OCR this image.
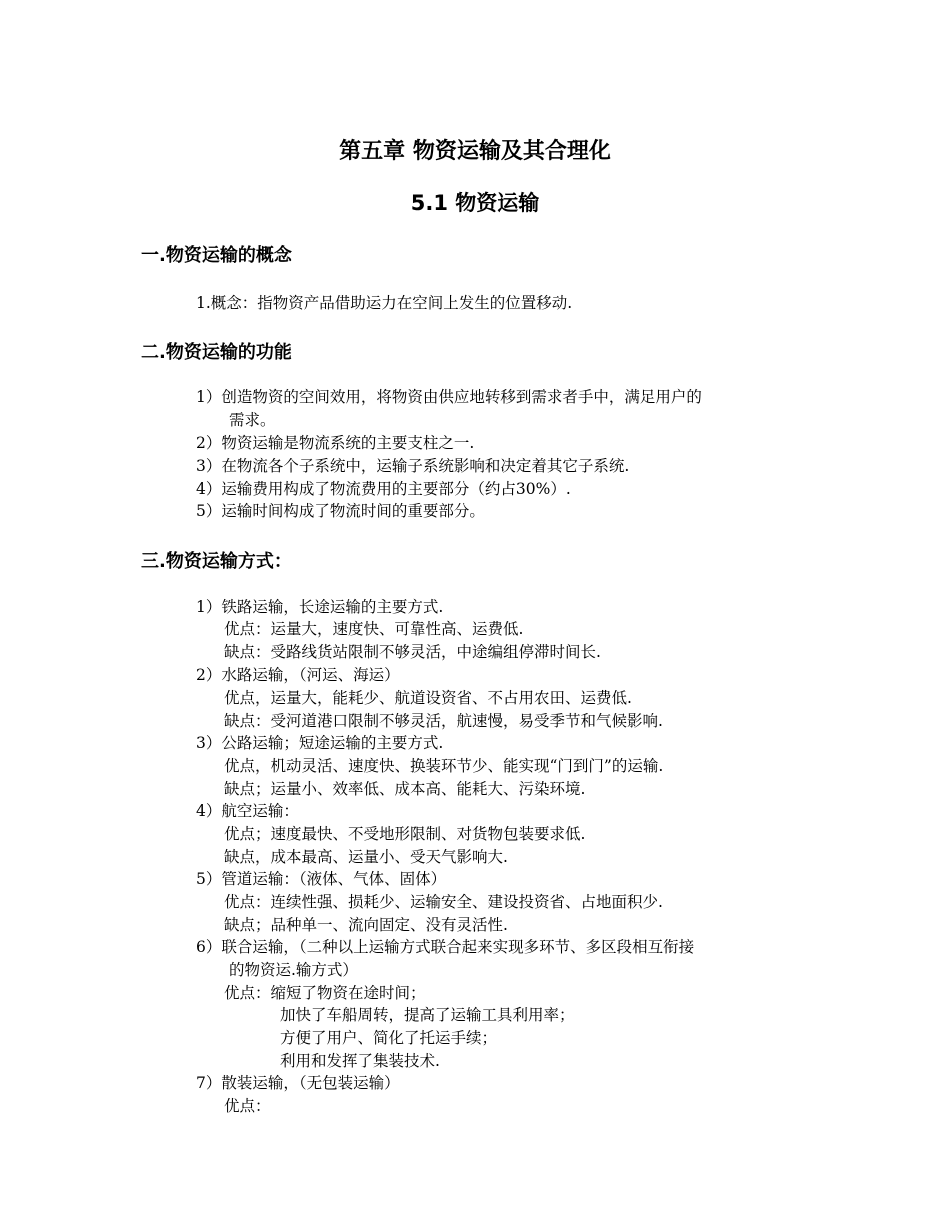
第五章 物资运输及其合理化
5.1 物资运输
一.物资运输的概念
1.概念：指物资产品借助运力在空间上发生的位置移动.
二.物资运输的功能
1）创造物资的空间效用，将物资由供应地转移到需求者手中，满足用户的
需求。
2）物资运输是物流系统的主要支柱之一.
3）在物流各个子系统中，运输子系统影响和决定着其它子系统.
4）运输费用构成了物流费用的主要部分（约占30%）.
5）运输时间构成了物流时间的重要部分。
三.物资运输方式：
1）铁路运输，长途运输的主要方式.
优点：运量大，速度快、可靠性高、运费低.
缺点：受路线货站限制不够灵活，中途编组停滞时间长.
2）水路运输，（河运、海运）
优点，运量大，能耗少、航道设资省、不占用农田、运费低.
缺点：受河道港口限制不够灵活，航速慢，易受季节和气候影响.
3）公路运输；短途运输的主要方式.
优点，机动灵活、速度快、换装环节少、能实现“门到门”的运输.
缺点；运量小、效率低、成本高、能耗大、污染环境.
4）航空运输：
优点；速度最快、不受地形限制、对货物包装要求低.
缺点，成本最高、运量小、受天气影响大.
5）管道运输：（液体、气体、固体）
优点：连续性强、损耗少、运输安全、建设投资省、占地面积少.
缺点；品种单一、流向固定、没有灵活性.
6）联合运输，（二种以上运输方式联合起来实现多环节、多区段相互衔接
的物资运.输方式）
优点：缩短了物资在途时间；
加快了车船周转，提高了运输工具利用率；
方便了用户、简化了托运手续；
利用和发挥了集装技术.
7）散装运输，（无包装运输）
优点：
